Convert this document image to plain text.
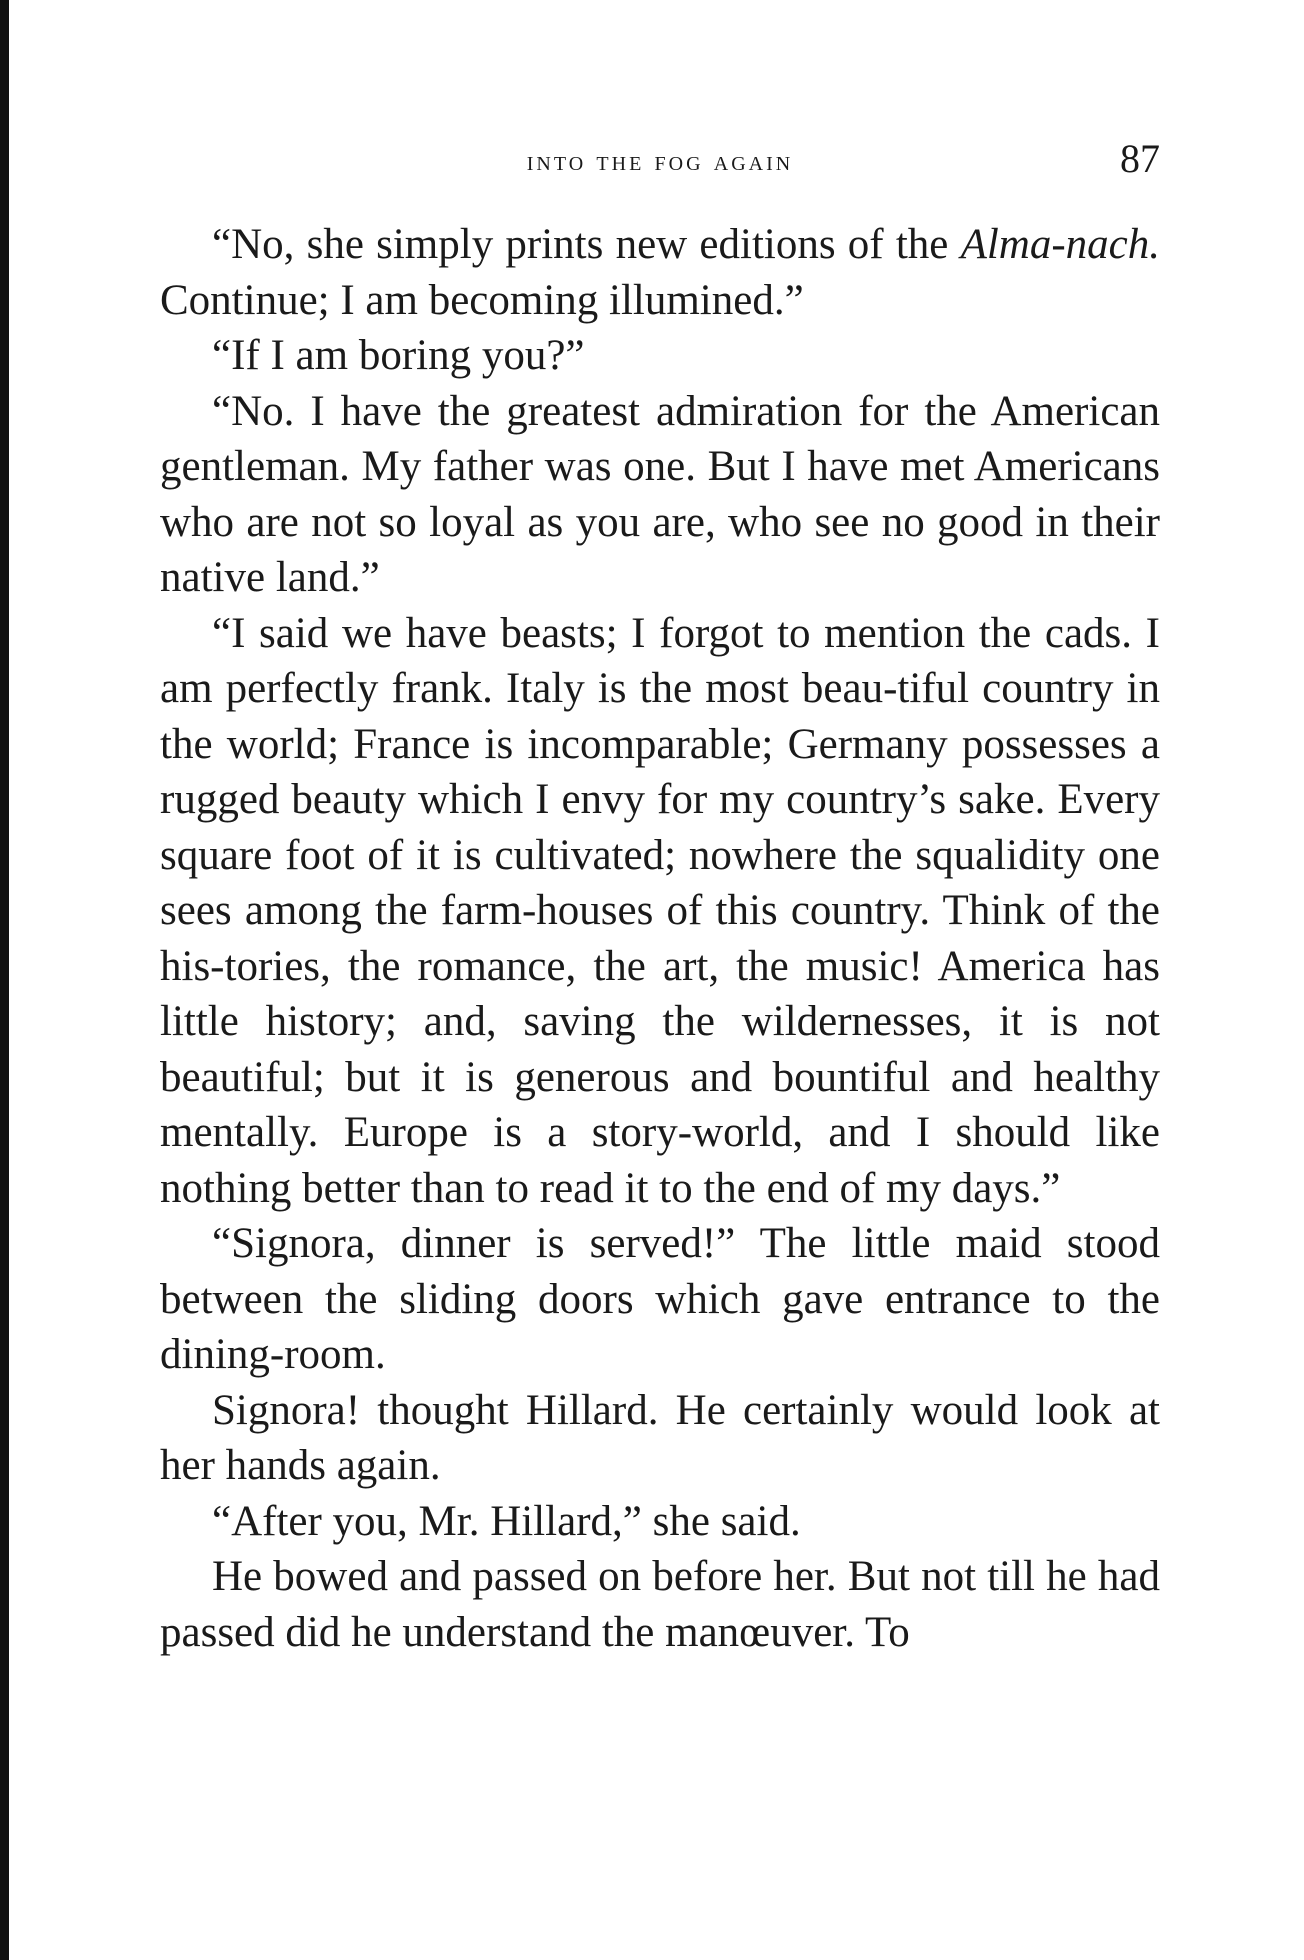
into the fog again	87

“No, she simply prints new editions of the Alma-nach. Continue; I am becoming illumined.”

“If I am boring you?”

“No. I have the greatest admiration for the American gentleman. My father was one. But I have met Americans who are not so loyal as you are, who see no good in their native land.”

“I said we have beasts; I forgot to mention the cads. I am perfectly frank. Italy is the most beau-tiful country in the world; France is incomparable; Germany possesses a rugged beauty which I envy for my country’s sake. Every square foot of it is cultivated; nowhere the squalidity one sees among the farm-houses of this country. Think of the his-tories, the romance, the art, the music! America has little history; and, saving the wildernesses, it is not beautiful; but it is generous and bountiful and healthy mentally. Europe is a story-world, and I should like nothing better than to read it to the end of my days.”

“Signora, dinner is served!” The little maid stood between the sliding doors which gave entrance to the dining-room.

Signora! thought Hillard. He certainly would look at her hands again.

“After you, Mr. Hillard,” she said.

He bowed and passed on before her. But not till he had passed did he understand the manœuver. To
